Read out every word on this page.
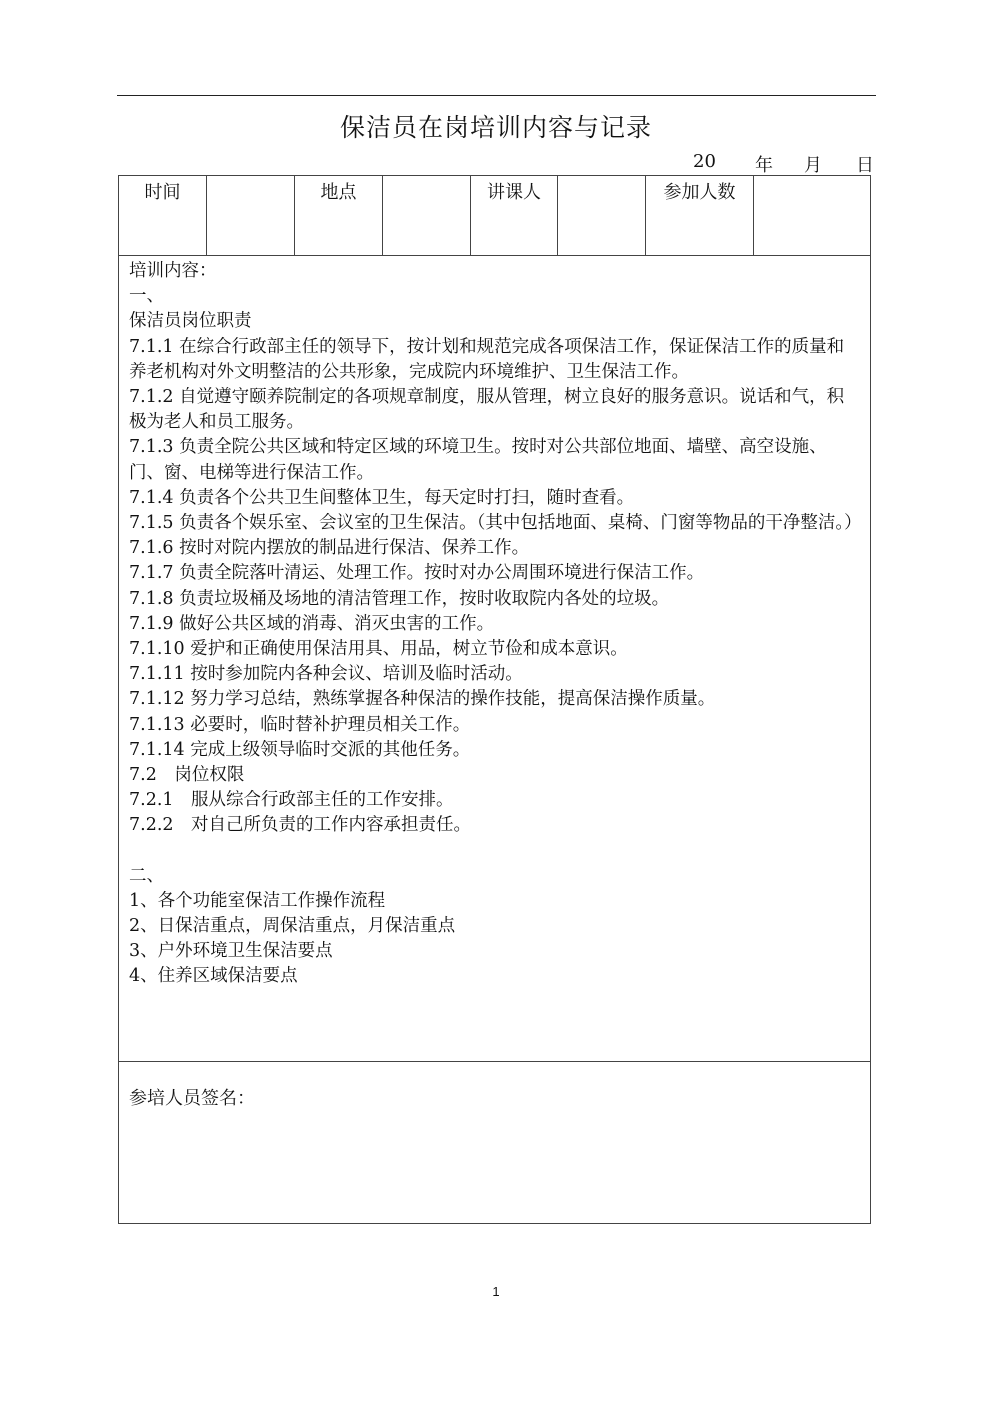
保洁员在岗培训内容与记录
20 年 月 日
时间	地点	讲课人	参加人数

培训内容：

一、

保洁员岗位职责

7.1.1 在综合行政部主任的领导下，按计划和规范完成各项保洁工作，保证保洁工作的质量和养老机构对外文明整洁的公共形象，完成院内环境维护、卫生保洁工作。

7.1.2 自觉遵守颐养院制定的各项规章制度，服从管理，树立良好的服务意识。说话和气，积极为老人和员工服务。

7.1.3 负责全院公共区域和特定区域的环境卫生。按时对公共部位地面、墙壁、高空设施、门、窗、电梯等进行保洁工作。

7.1.4 负责各个公共卫生间整体卫生，每天定时打扫，随时查看。

7.1.5 负责各个娱乐室、会议室的卫生保洁。（其中包括地面、桌椅、门窗等物品的干净整洁。）

7.1.6 按时对院内摆放的制品进行保洁、保养工作。

7.1.7 负责全院落叶清运、处理工作。按时对办公周围环境进行保洁工作。

7.1.8 负责垃圾桶及场地的清洁管理工作，按时收取院内各处的垃圾。

7.1.9 做好公共区域的消毒、消灭虫害的工作。

7.1.10 爱护和正确使用保洁用具、用品，树立节俭和成本意识。

7.1.11 按时参加院内各种会议、培训及临时活动。

7.1.12 努力学习总结，熟练掌握各种保洁的操作技能，提高保洁操作质量。

7.1.13 必要时，临时替补护理员相关工作。

7.1.14 完成上级领导临时交派的其他任务。

7.2　岗位权限

7.2.1　服从综合行政部主任的工作安排。

7.2.2　对自己所负责的工作内容承担责任。

二、

1、各个功能室保洁工作操作流程

2、日保洁重点，周保洁重点，月保洁重点

3、户外环境卫生保洁要点

4、住养区域保洁要点

参培人员签名：
1
